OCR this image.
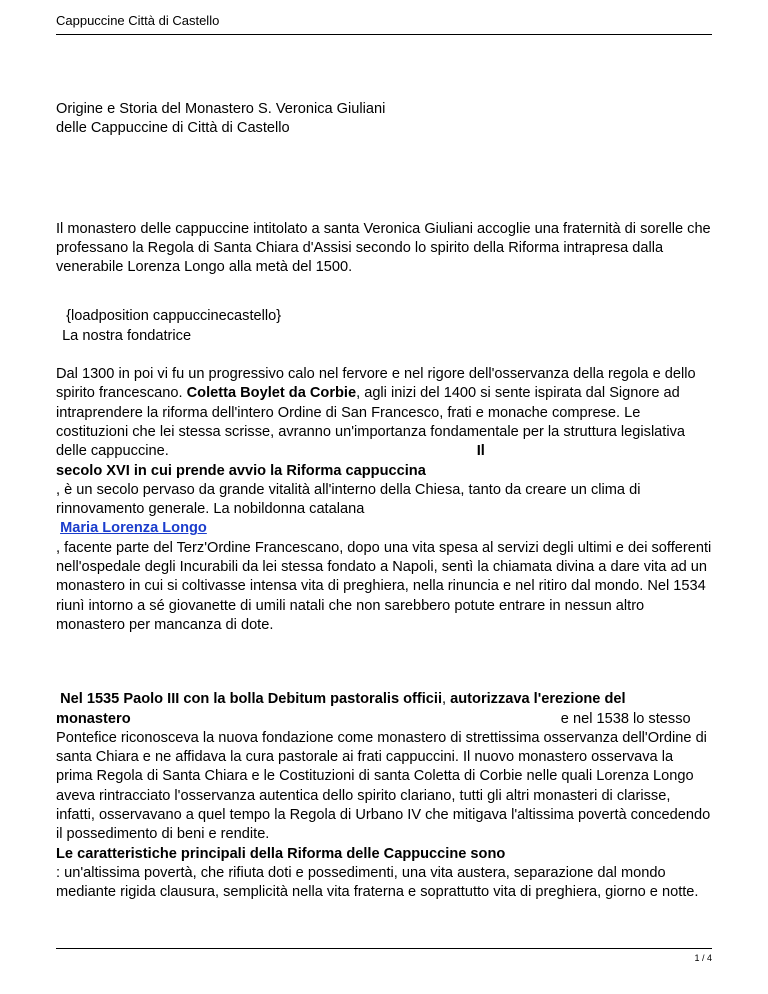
Cappuccine Città di Castello

Origine e Storia del Monastero S. Veronica Giuliani
delle Cappuccine di Città di Castello

Il monastero delle cappuccine intitolato a santa Veronica Giuliani accoglie una fraternità di sorelle che professano la Regola di Santa Chiara d'Assisi secondo lo spirito della Riforma intrapresa dalla venerabile Lorenza Longo alla metà del 1500.

{loadposition cappuccinecastello}

La nostra fondatrice

Dal 1300 in poi vi fu un progressivo calo nel fervore e nel rigore dell'osservanza della regola e dello spirito francescano. Coletta Boylet da Corbie, agli inizi del 1400 si sente ispirata dal Signore ad intraprendere la riforma dell'intero Ordine di San Francesco, frati e monache comprese. Le costituzioni che lei stessa scrisse, avranno un'importanza fondamentale per la struttura legislativa delle cappuccine.	Il
secolo XVI in cui prende avvio la Riforma cappuccina
, è un secolo pervaso da grande vitalità all'interno della Chiesa, tanto da creare un clima di rinnovamento generale. La nobildonna catalana
Maria Lorenza Longo
, facente parte del Terz'Ordine Francescano, dopo una vita spesa al servizi degli ultimi e dei sofferenti nell'ospedale degli Incurabili da lei stessa fondato a Napoli, sentì la chiamata divina a dare vita ad un monastero in cui si coltivasse intensa vita di preghiera, nella rinuncia e nel ritiro dal mondo. Nel 1534 riunì intorno a sé giovanette di umili natali che non sarebbero potute entrare in nessun altro monastero per mancanza di dote.

Nel 1535 Paolo III con la bolla Debitum pastoralis officii, autorizzava l'erezione del
monastero	e nel 1538 lo stesso
Pontefice riconosceva la nuova fondazione come monastero di strettissima osservanza dell'Ordine di santa Chiara e ne affidava la cura pastorale ai frati cappuccini. Il nuovo monastero osservava la prima Regola di Santa Chiara e le Costituzioni di santa Coletta di Corbie nelle quali Lorenza Longo aveva rintracciato l'osservanza autentica dello spirito clariano, tutti gli altri monasteri di clarisse, infatti, osservavano a quel tempo la Regola di Urbano IV che mitigava l'altissima povertà concedendo il possedimento di beni e rendite.
Le caratteristiche principali della Riforma delle Cappuccine sono
: un'altissima povertà, che rifiuta doti e possedimenti, una vita austera, separazione dal mondo mediante rigida clausura, semplicità nella vita fraterna e soprattutto vita di preghiera, giorno e notte.

1 / 4
